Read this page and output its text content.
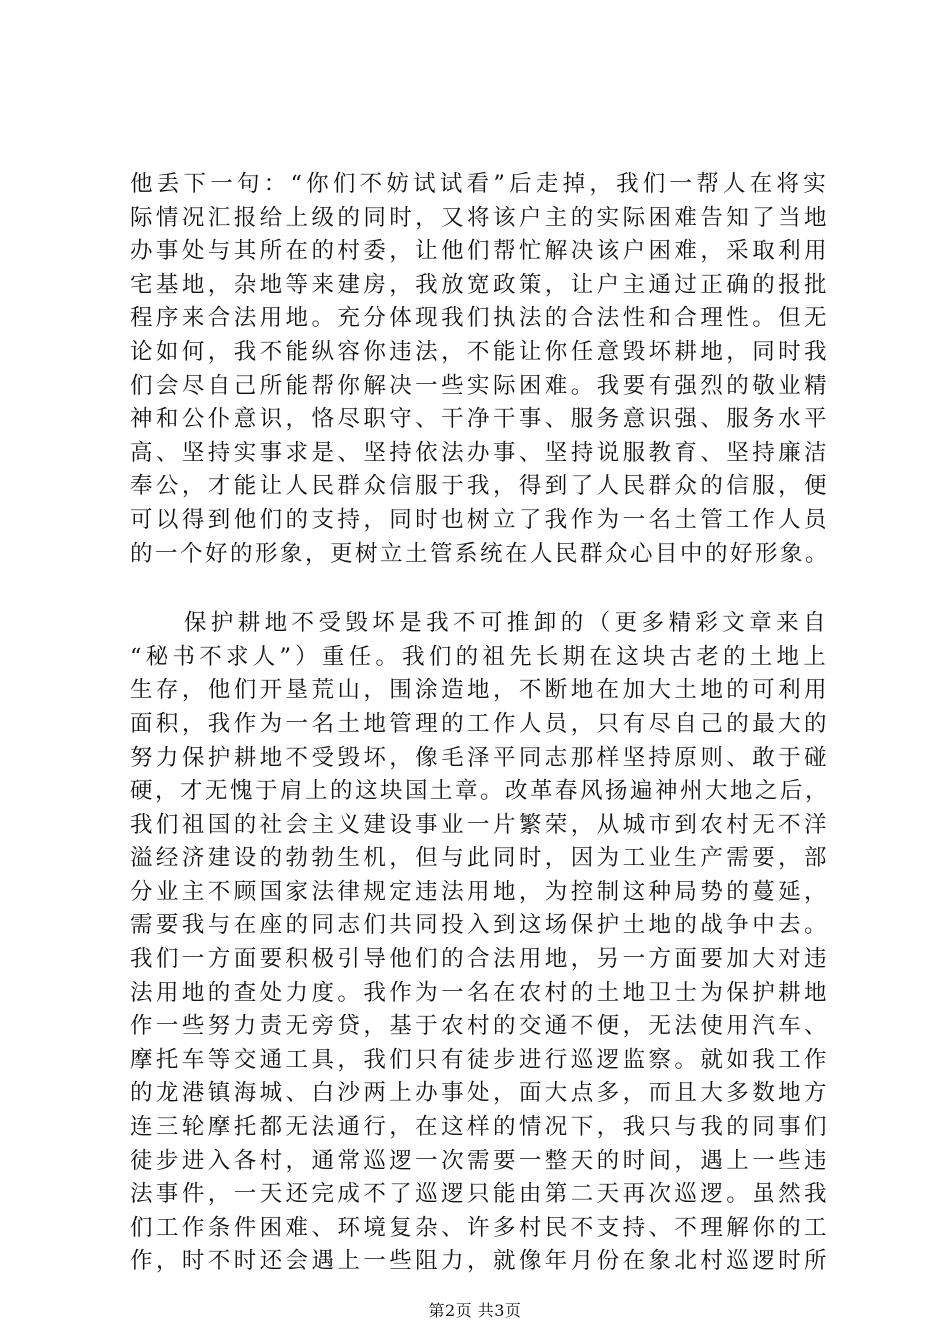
他丢下一句：“你们不妨试试看”后走掉，我们一帮人在将实
际情况汇报给上级的同时，又将该户主的实际困难告知了当地
办事处与其所在的村委，让他们帮忙解决该户困难，采取利用
宅基地，杂地等来建房，我放宽政策，让户主通过正确的报批
程序来合法用地。充分体现我们执法的合法性和合理性。但无
论如何，我不能纵容你违法，不能让你任意毁坏耕地，同时我
们会尽自己所能帮你解决一些实际困难。我要有强烈的敬业精
神和公仆意识，恪尽职守、干净干事、服务意识强、服务水平
高、坚持实事求是、坚持依法办事、坚持说服教育、坚持廉洁
奉公，才能让人民群众信服于我，得到了人民群众的信服，便
可以得到他们的支持，同时也树立了我作为一名土管工作人员
的一个好的形象，更树立土管系统在人民群众心目中的好形象。
　　保护耕地不受毁坏是我不可推卸的（更多精彩文章来自
“秘书不求人”）重任。我们的祖先长期在这块古老的土地上
生存，他们开垦荒山，围涂造地，不断地在加大土地的可利用
面积，我作为一名土地管理的工作人员，只有尽自己的最大的
努力保护耕地不受毁坏，像毛泽平同志那样坚持原则、敢于碰
硬，才无愧于肩上的这块国土章。改革春风扬遍神州大地之后，
我们祖国的社会主义建设事业一片繁荣，从城市到农村无不洋
溢经济建设的勃勃生机，但与此同时，因为工业生产需要，部
分业主不顾国家法律规定违法用地，为控制这种局势的蔓延，
需要我与在座的同志们共同投入到这场保护土地的战争中去。
我们一方面要积极引导他们的合法用地，另一方面要加大对违
法用地的查处力度。我作为一名在农村的土地卫士为保护耕地
作一些努力责无旁贷，基于农村的交通不便，无法使用汽车、
摩托车等交通工具，我们只有徒步进行巡逻监察。就如我工作
的龙港镇海城、白沙两上办事处，面大点多，而且大多数地方
连三轮摩托都无法通行，在这样的情况下，我只与我的同事们
徒步进入各村，通常巡逻一次需要一整天的时间，遇上一些违
法事件，一天还完成不了巡逻只能由第二天再次巡逻。虽然我
们工作条件困难、环境复杂、许多村民不支持、不理解你的工
作，时不时还会遇上一些阻力，就像年月份在象北村巡逻时所
第2页 共3页
